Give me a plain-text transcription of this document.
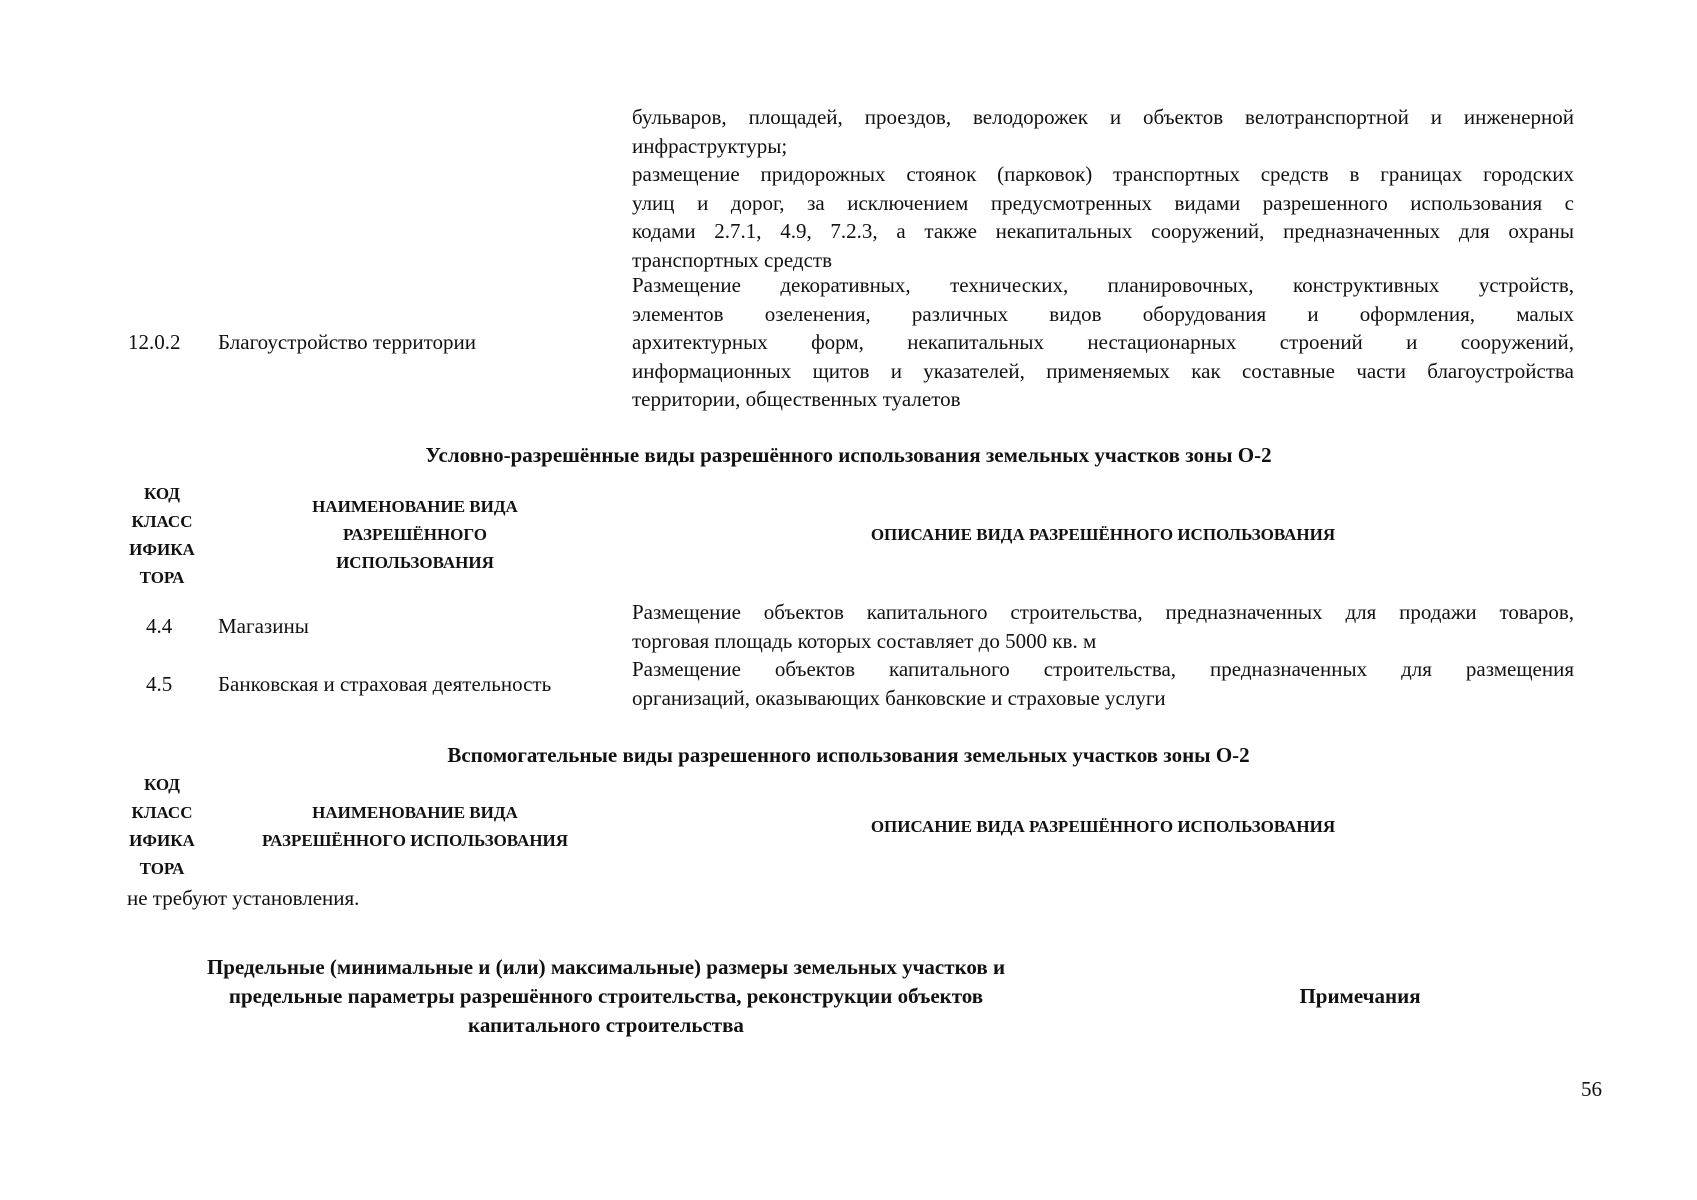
бульваров, площадей, проездов, велодорожек и объектов велотранспортной и инженерной
инфраструктуры;
размещение придорожных стоянок (парковок) транспортных средств в границах городских
улиц и дорог, за исключением предусмотренных видами разрешенного использования с
кодами 2.7.1, 4.9, 7.2.3, а также некапитальных сооружений, предназначенных для охраны
транспортных средств
12.0.2 Благоустройство территории
Размещение декоративных, технических, планировочных, конструктивных устройств,
элементов озеленения, различных видов оборудования и оформления, малых
архитектурных форм, некапитальных нестационарных строений и сооружений,
информационных щитов и указателей, применяемых как составные части благоустройства
территории, общественных туалетов
Условно-разрешённые виды разрешённого использования земельных участков зоны О-2
КОД
КЛАСС
ИФИКА
ТОРА
НАИМЕНОВАНИЕ ВИДА
РАЗРЕШЁННОГО
ИСПОЛЬЗОВАНИЯ
ОПИСАНИЕ ВИДА РАЗРЕШЁННОГО ИСПОЛЬЗОВАНИЯ
4.4 Магазины
Размещение объектов капитального строительства, предназначенных для продажи товаров,
торговая площадь которых составляет до 5000 кв. м
4.5 Банковская и страховая деятельность
Размещение объектов капитального строительства, предназначенных для размещения
организаций, оказывающих банковские и страховые услуги
Вспомогательные виды разрешенного использования земельных участков зоны О-2
КОД
КЛАСС
ИФИКА
ТОРА
НАИМЕНОВАНИЕ ВИДА
РАЗРЕШЁННОГО ИСПОЛЬЗОВАНИЯ
ОПИСАНИЕ ВИДА РАЗРЕШЁННОГО ИСПОЛЬЗОВАНИЯ
не требуют установления.
Предельные (минимальные и (или) максимальные) размеры земельных участков и
предельные параметры разрешённого строительства, реконструкции объектов
капитального строительства
Примечания
56
